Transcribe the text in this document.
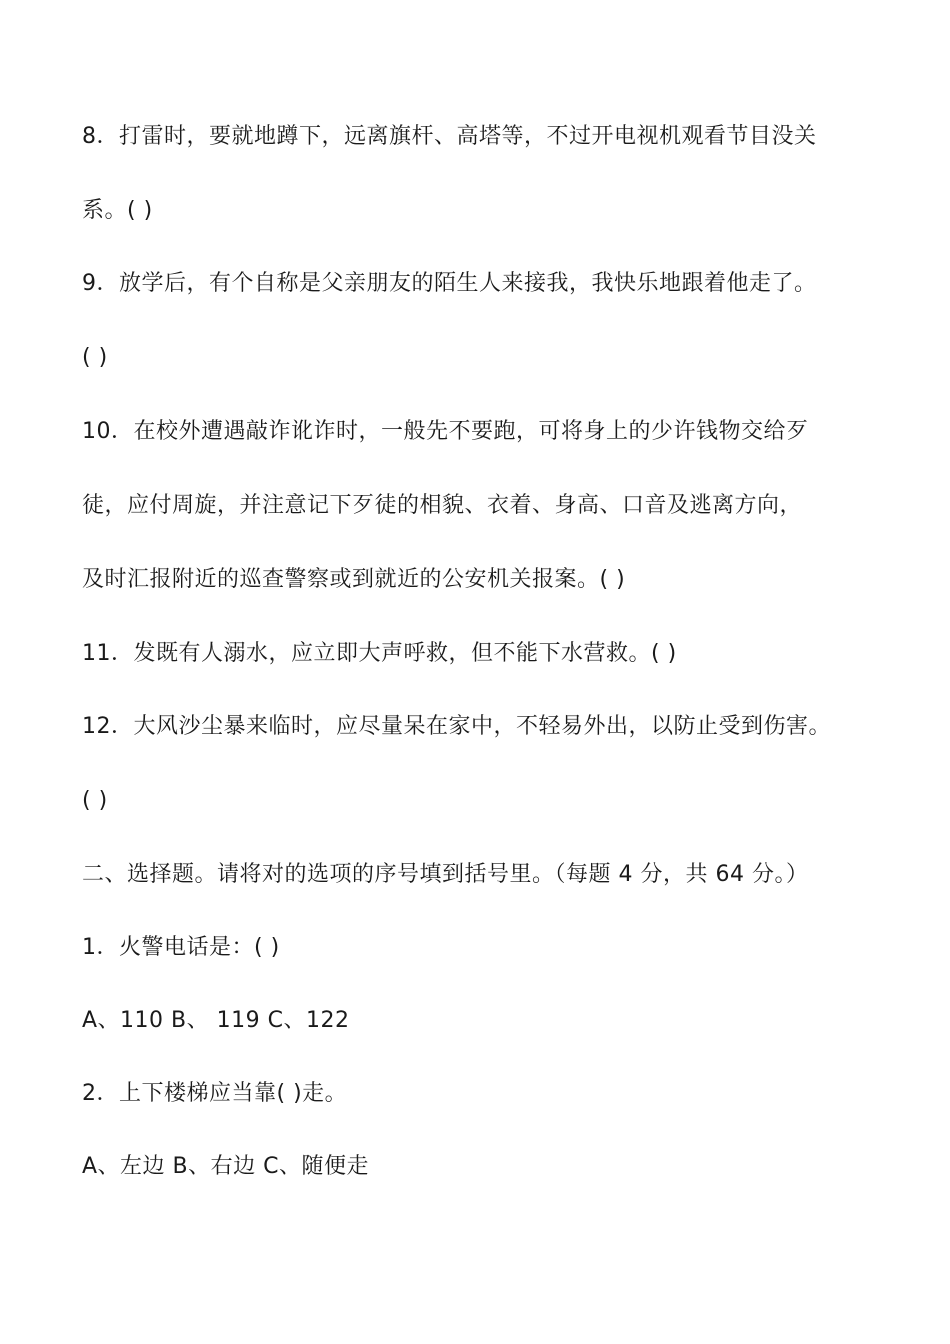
8．打雷时，要就地蹲下，远离旗杆、高塔等，不过开电视机观看节目没关
系。( )
9．放学后，有个自称是父亲朋友的陌生人来接我，我快乐地跟着他走了。
( )
10．在校外遭遇敲诈讹诈时，一般先不要跑，可将身上的少许钱物交给歹
徒，应付周旋，并注意记下歹徒的相貌、衣着、身高、口音及逃离方向，
及时汇报附近的巡查警察或到就近的公安机关报案。( )
11．发既有人溺水，应立即大声呼救，但不能下水营救。( )
12．大风沙尘暴来临时，应尽量呆在家中，不轻易外出，以防止受到伤害。
( )
二、选择题。请将对的选项的序号填到括号里。（每题 4 分，共 64 分。）
1．火警电话是：( )
A、110 B、 119 C、122
2．上下楼梯应当靠( )走。
A、左边 B、右边 C、随便走
